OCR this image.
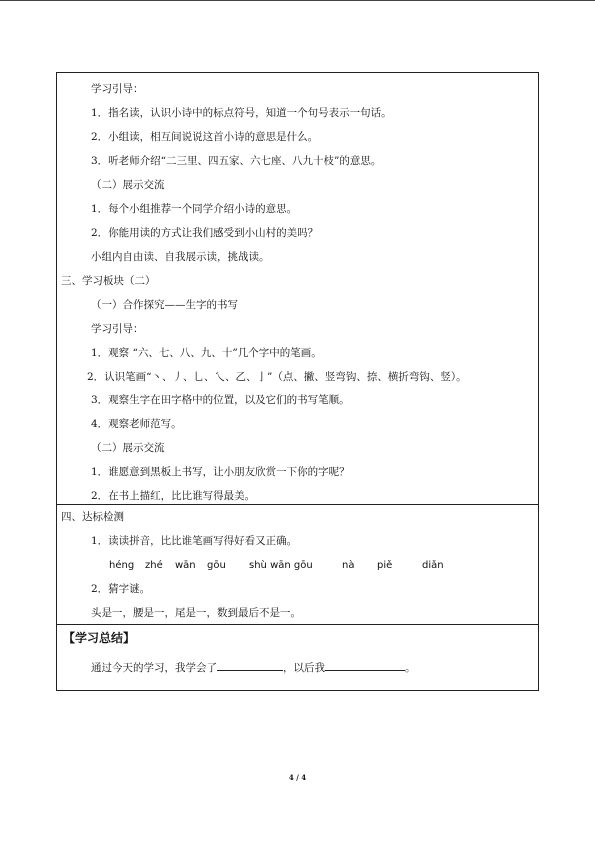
学习引导：

1．指名读，认识小诗中的标点符号，知道一个句号表示一句话。

2．小组读，相互间说说这首小诗的意思是什么。

3．听老师介绍“二三里、四五家、六七座、八九十枝”的意思。

（二）展示交流

1．每个小组推荐一个同学介绍小诗的意思。

2．你能用读的方式让我们感受到小山村的美吗？

小组内自由读、自我展示读，挑战读。

三、学习板块（二）

（一）合作探究——生字的书写

学习引导：

1．观察 “六、七、八、九、十”几个字中的笔画。

2．认识笔画“丶、丿、乚、乀、乙、亅”（点、撇、竖弯钩、捺、横折弯钩、竖）。

3．观察生字在田字格中的位置，以及它们的书写笔顺。

4．观察老师范写。

（二）展示交流

1．谁愿意到黑板上书写，让小朋友欣赏一下你的字呢？

2．在书上描红，比比谁写得最美。

四、达标检测

1．读读拼音，比比谁笔画写得好看又正确。

héng	zhé	wān	gōu	shù wān gōu	nà	piě	diǎn

2．猜字谜。

头是一，腰是一，尾是一，数到最后不是一。

【学习总结】

通过今天的学习，我学会了	，以后我	。

4 / 4
